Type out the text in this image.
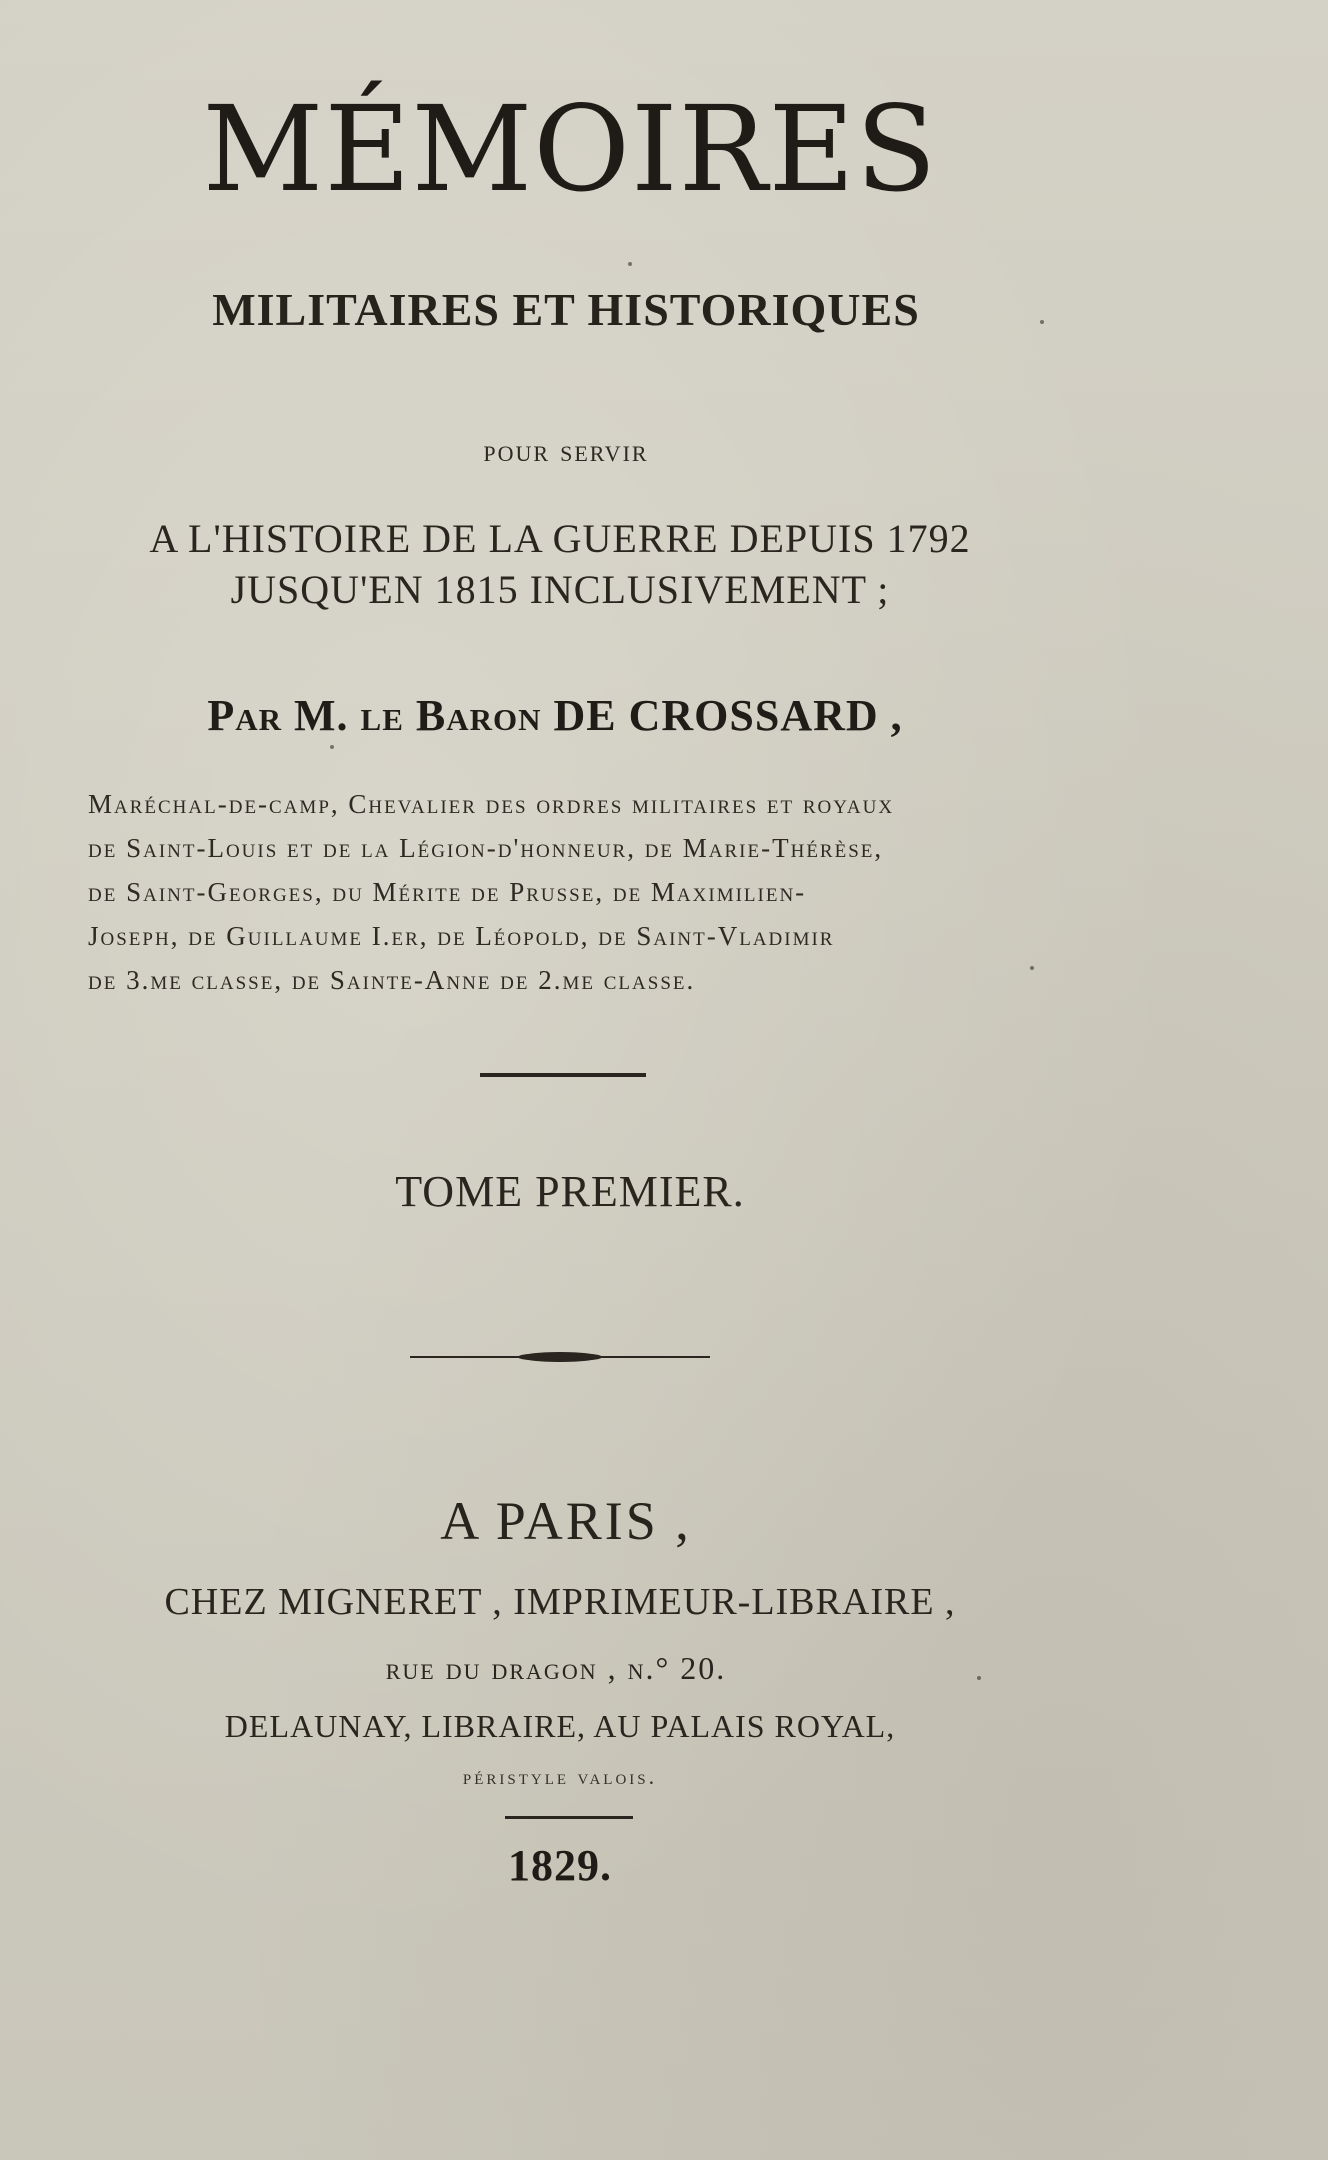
MÉMOIRES
MILITAIRES ET HISTORIQUES
pour servir
A L'HISTOIRE DE LA GUERRE DEPUIS 1792
JUSQU'EN 1815 INCLUSIVEMENT ;
Par M. le Baron DE CROSSARD ,
Maréchal-de-camp, Chevalier des ordres militaires et royaux
de Saint-Louis et de la Légion-d'honneur, de Marie-Thérèse,
de Saint-Georges, du Mérite de Prusse, de Maximilien-
Joseph, de Guillaume I.er, de Léopold, de Saint-Vladimir
de 3.me classe, de Sainte-Anne de 2.me classe.
TOME PREMIER.
A PARIS ,
CHEZ MIGNERET , IMPRIMEUR-LIBRAIRE ,
rue du dragon , n.° 20.
DELAUNAY, LIBRAIRE, AU PALAIS ROYAL,
péristyle valois.
1829.
